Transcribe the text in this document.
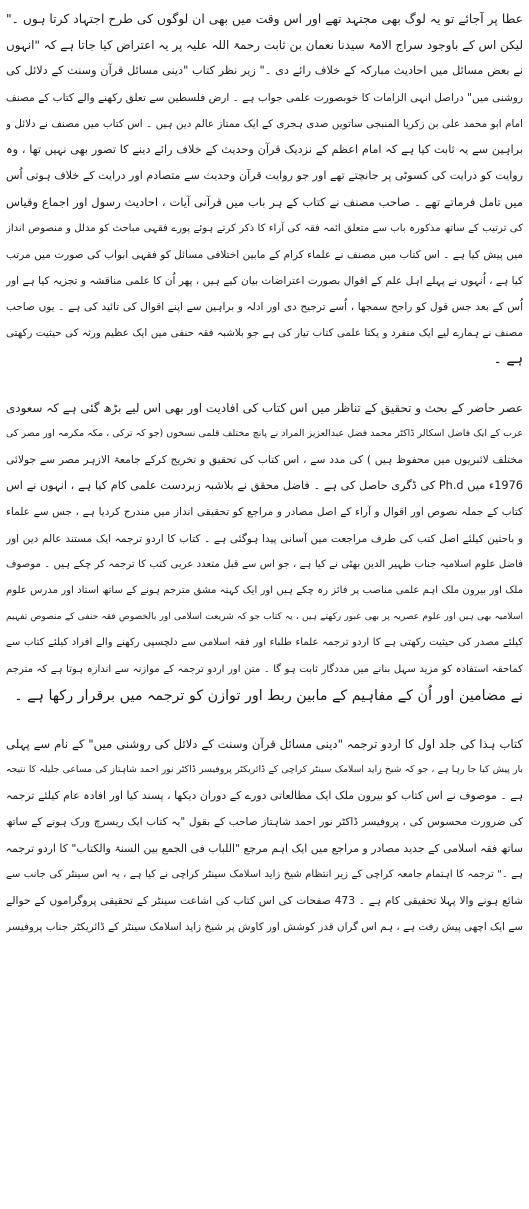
عطا پر آجائے تو یہ لوگ بھی مجتہد تھے اور اس وقت میں بھی ان لوگوں کی طرح اجتہاد کرتا ہوں ۔"
لیکن اس کے باوجود سراج الامۃ سیدنا نعمان بن ثابت رحمۃ اللہ علیہ پر یہ اعتراض کیا جاتا ہے کہ "انہوں
نے بعض مسائل میں احادیث مبارکہ کے خلاف رائے دی ۔" زیر نظر کتاب "دینی مسائل قرآن وسنت کے دلائل کی
روشنی میں" دراصل انہی الزامات کا خوبصورت علمی جواب ہے ۔ ارض فلسطین سے تعلق رکھنے والے کتاب کے مصنف
امام ابو محمد علی بن زکریا المنبجی ساتویں صدی ہجری کے ایک ممتاز عالم دین ہیں ۔ اس کتاب میں مصنف نے دلائل و
براہین سے یہ ثابت کیا ہے کہ امام اعظم کے نزدیک قرآن وحدیث کے خلاف رائے دینے کا تصور بھی نہیں تھا ، وہ
روایت کو درایت کی کسوٹی پر جانچتے تھے اور جو روایت قرآن وحدیث سے متصادم اور درایت کے خلاف ہوتی اُس
میں تامل فرماتے تھے ۔ صاحب مصنف نے کتاب کے ہر باب میں قرآنی آیات ، احادیث رسول اور اجماع وقیاس
کی ترتیب کے ساتھ مذکورہ باب سے متعلق ائمہ فقہ کی آراء کا ذکر کرتے ہوئے پورے فقہی مباحث کو مدلل و منصوص انداز
میں پیش کیا ہے ۔ اس کتاب میں مصنف نے علماء کرام کے مابین اختلافی مسائل کو فقہی ابواب کی صورت میں مرتب
کیا ہے ، اُنہوں نے پہلے اہل علم کے اقوال بصورت اعتراضات بیان کیے ہیں ، پھر اُن کا علمی مناقشہ و تجزیہ کیا ہے اور
اُس کے بعد جس قول کو راجح سمجھا ، اُسے ترجیح دی اور ادلہ و براہین سے اپنے اقوال کی تائید کی ہے ۔ یوں صاحب
مصنف نے ہمارے لیے ایک منفرد و یکتا علمی کتاب تیار کی ہے جو بلاشبہ فقہ حنفی میں ایک عظیم ورثہ کی حیثیت رکھتی
ہے ۔
عصر حاضر کے بحث و تحقیق کے تناظر میں اس کتاب کی افادیت اور بھی اس لیے بڑھ گئی ہے کہ سعودی
عرب کے ایک فاضل اسکالر ڈاکٹر محمد فضل عبدالعزیز المراد نے پانچ مختلف قلمی نسخوں (جو کہ ترکی ، مکہ مکرمہ اور مصر کی
مختلف لائبریوں میں محفوظ ہیں ) کی مدد سے ، اس کتاب کی تحقیق و تخریج کرکے جامعۃ الازہر مصر سے جولائی
1976ء میں Ph.d کی ڈگری حاصل کی ہے ۔ فاضل محقق نے بلاشبہ زبردست علمی کام کیا ہے ، انہوں نے اس
کتاب کے جملہ نصوص اور اقوال و آراء کے اصل مصادر و مراجع کو تحقیقی انداز میں مندرج کردیا ہے ، جس سے علماء
و باحثین کیلئے اصل کتب کی طرف مراجعت میں آسانی پیدا ہوگئی ہے ۔ کتاب کا اردو ترجمہ ایک مستند عالم دین اور
فاضل علوم اسلامیہ جناب ظہیر الدین بھٹی نے کیا ہے ، جو اس سے قبل متعدد عربی کتب کا ترجمہ کر چکے ہیں ۔ موصوف
ملک اور بیرون ملک اہم علمی مناصب پر فائز رہ چکے ہیں اور ایک کہنہ مشق مترجم ہونے کے ساتھ استاد اور مدرس علوم
اسلامیہ بھی ہیں اور علوم عصریہ پر بھی عبور رکھتے ہیں ، یہ کتاب جو کہ شریعت اسلامی اور بالخصوص فقہ حنفی کے منصوص تفہیم
کیلئے مصدر کی حیثیت رکھتی ہے کا اردو ترجمہ علماء طلباء اور فقہ اسلامی سے دلچسپی رکھنے والے افراد کیلئے کتاب سے
کماحقہ استفادہ کو مزید سہل بنانے میں مددگار ثابت ہو گا ۔ متن اور اردو ترجمہ کے موازنہ سے اندازہ ہوتا ہے کہ مترجم
نے مضامین اور اُن کے مفاہیم کے مابین ربط اور توازن کو ترجمہ میں برقرار رکھا ہے ۔
کتاب ہذا کی جلد اول کا اردو ترجمہ "دینی مسائل قرآن وسنت کے دلائل کی روشنی میں" کے نام سے پہلی
بار پیش کیا جا رہا ہے ، جو کہ شیخ زاید اسلامک سینٹر کراچی کے ڈائریکٹر پروفیسر ڈاکٹر نور احمد شاہتاز کی مساعی جلیلہ کا نتیجہ
ہے ۔ موصوف نے اس کتاب کو بیرون ملک ایک مطالعاتی دورے کے دوران دیکھا ، پسند کیا اور افادہ عام کیلئے ترجمہ
کی ضرورت محسوس کی ، پروفیسر ڈاکٹر نور احمد شاہتاز صاحب کے بقول "یہ کتاب ایک ریسرچ ورک ہونے کے ساتھ
ساتھ فقہ اسلامی کے جدید مصادر و مراجع میں ایک اہم مرجع "اللباب فی الجمع بین السنۃ والکتاب" کا اردو ترجمہ
ہے ۔" ترجمہ کا اہتمام جامعہ کراچی کے زیر انتظام شیخ زاید اسلامک سینٹر کراچی نے کیا ہے ، یہ اس سینٹر کی جانب سے
شائع ہونے والا پہلا تحقیقی کام ہے ۔ 473 صفحات کی اس کتاب کی اشاعت سینٹر کے تحقیقی پروگراموں کے حوالے
سے ایک اچھی پیش رفت ہے ، ہم اس گراں قدر کوشش اور کاوش پر شیخ زاید اسلامک سینٹر کے ڈائریکٹر جناب پروفیسر
